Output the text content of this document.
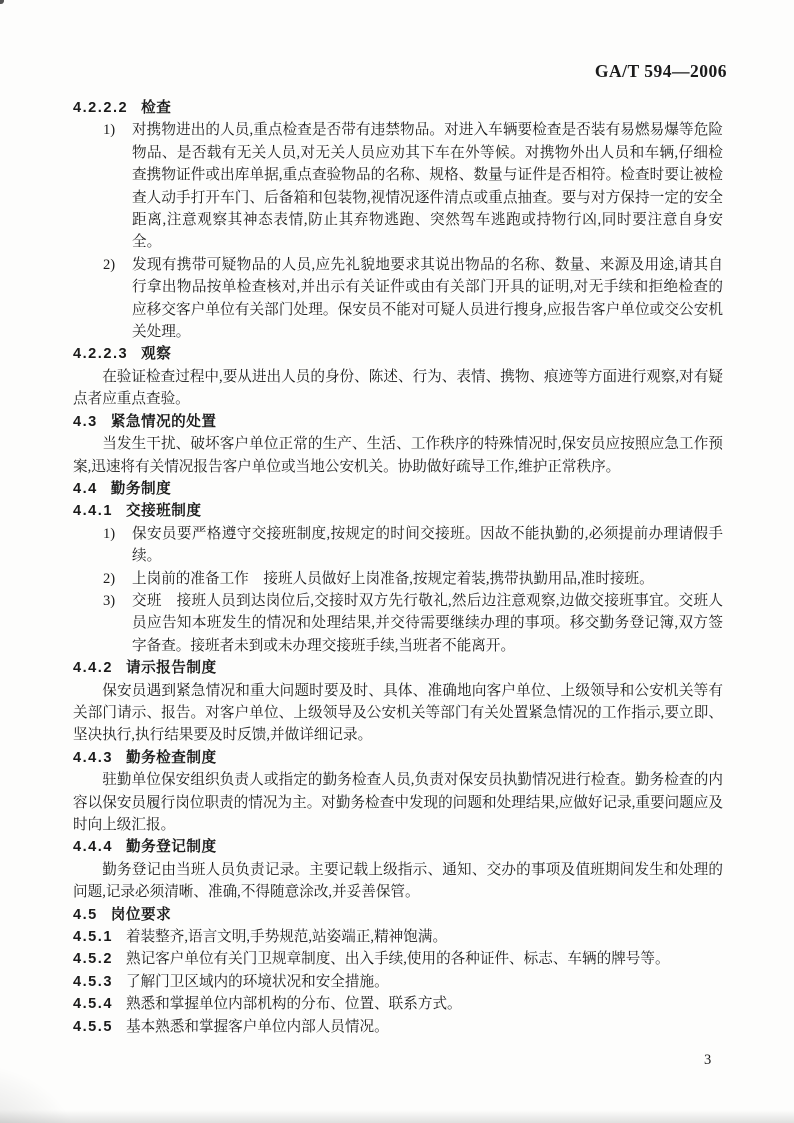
GA/T 594—2006
4.2.2.2 检查
1) 对携物进出的人员,重点检查是否带有违禁物品。对进入车辆要检查是否装有易燃易爆等危险物品、是否载有无关人员,对无关人员应劝其下车在外等候。对携物外出人员和车辆,仔细检查携物证件或出库单据,重点查验物品的名称、规格、数量与证件是否相符。检查时要让被检查人动手打开车门、后备箱和包装物,视情况逐件清点或重点抽查。要与对方保持一定的安全距离,注意观察其神态表情,防止其弃物逃跑、突然驾车逃跑或持物行凶,同时要注意自身安全。
2) 发现有携带可疑物品的人员,应先礼貌地要求其说出物品的名称、数量、来源及用途,请其自行拿出物品按单检查核对,并出示有关证件或由有关部门开具的证明,对无手续和拒绝检查的应移交客户单位有关部门处理。保安员不能对可疑人员进行搜身,应报告客户单位或交公安机关处理。
4.2.2.3 观察

在验证检查过程中,要从进出人员的身份、陈述、行为、表情、携物、痕迹等方面进行观察,对有疑点者应重点查验。

4.3 紧急情况的处置

当发生干扰、破坏客户单位正常的生产、生活、工作秩序的特殊情况时,保安员应按照应急工作预案,迅速将有关情况报告客户单位或当地公安机关。协助做好疏导工作,维护正常秩序。

4.4 勤务制度
4.4.1 交接班制度
1) 保安员要严格遵守交接班制度,按规定的时间交接班。因故不能执勤的,必须提前办理请假手续。
2) 上岗前的准备工作　接班人员做好上岗准备,按规定着装,携带执勤用品,准时接班。
3) 交班　接班人员到达岗位后,交接时双方先行敬礼,然后边注意观察,边做交接班事宜。交班人员应告知本班发生的情况和处理结果,并交待需要继续办理的事项。移交勤务登记簿,双方签字备查。接班者未到或未办理交接班手续,当班者不能离开。
4.4.2 请示报告制度

保安员遇到紧急情况和重大问题时要及时、具体、准确地向客户单位、上级领导和公安机关等有关部门请示、报告。对客户单位、上级领导及公安机关等部门有关处置紧急情况的工作指示,要立即、坚决执行,执行结果要及时反馈,并做详细记录。

4.4.3 勤务检查制度

驻勤单位保安组织负责人或指定的勤务检查人员,负责对保安员执勤情况进行检查。勤务检查的内容以保安员履行岗位职责的情况为主。对勤务检查中发现的问题和处理结果,应做好记录,重要问题应及时向上级汇报。

4.4.4 勤务登记制度

勤务登记由当班人员负责记录。主要记载上级指示、通知、交办的事项及值班期间发生和处理的问题,记录必须清晰、准确,不得随意涂改,并妥善保管。

4.5 岗位要求
4.5.1 着装整齐,语言文明,手势规范,站姿端正,精神饱满。
4.5.2 熟记客户单位有关门卫规章制度、出入手续,使用的各种证件、标志、车辆的牌号等。
4.5.3 了解门卫区域内的环境状况和安全措施。
4.5.4 熟悉和掌握单位内部机构的分布、位置、联系方式。
4.5.5 基本熟悉和掌握客户单位内部人员情况。
3
